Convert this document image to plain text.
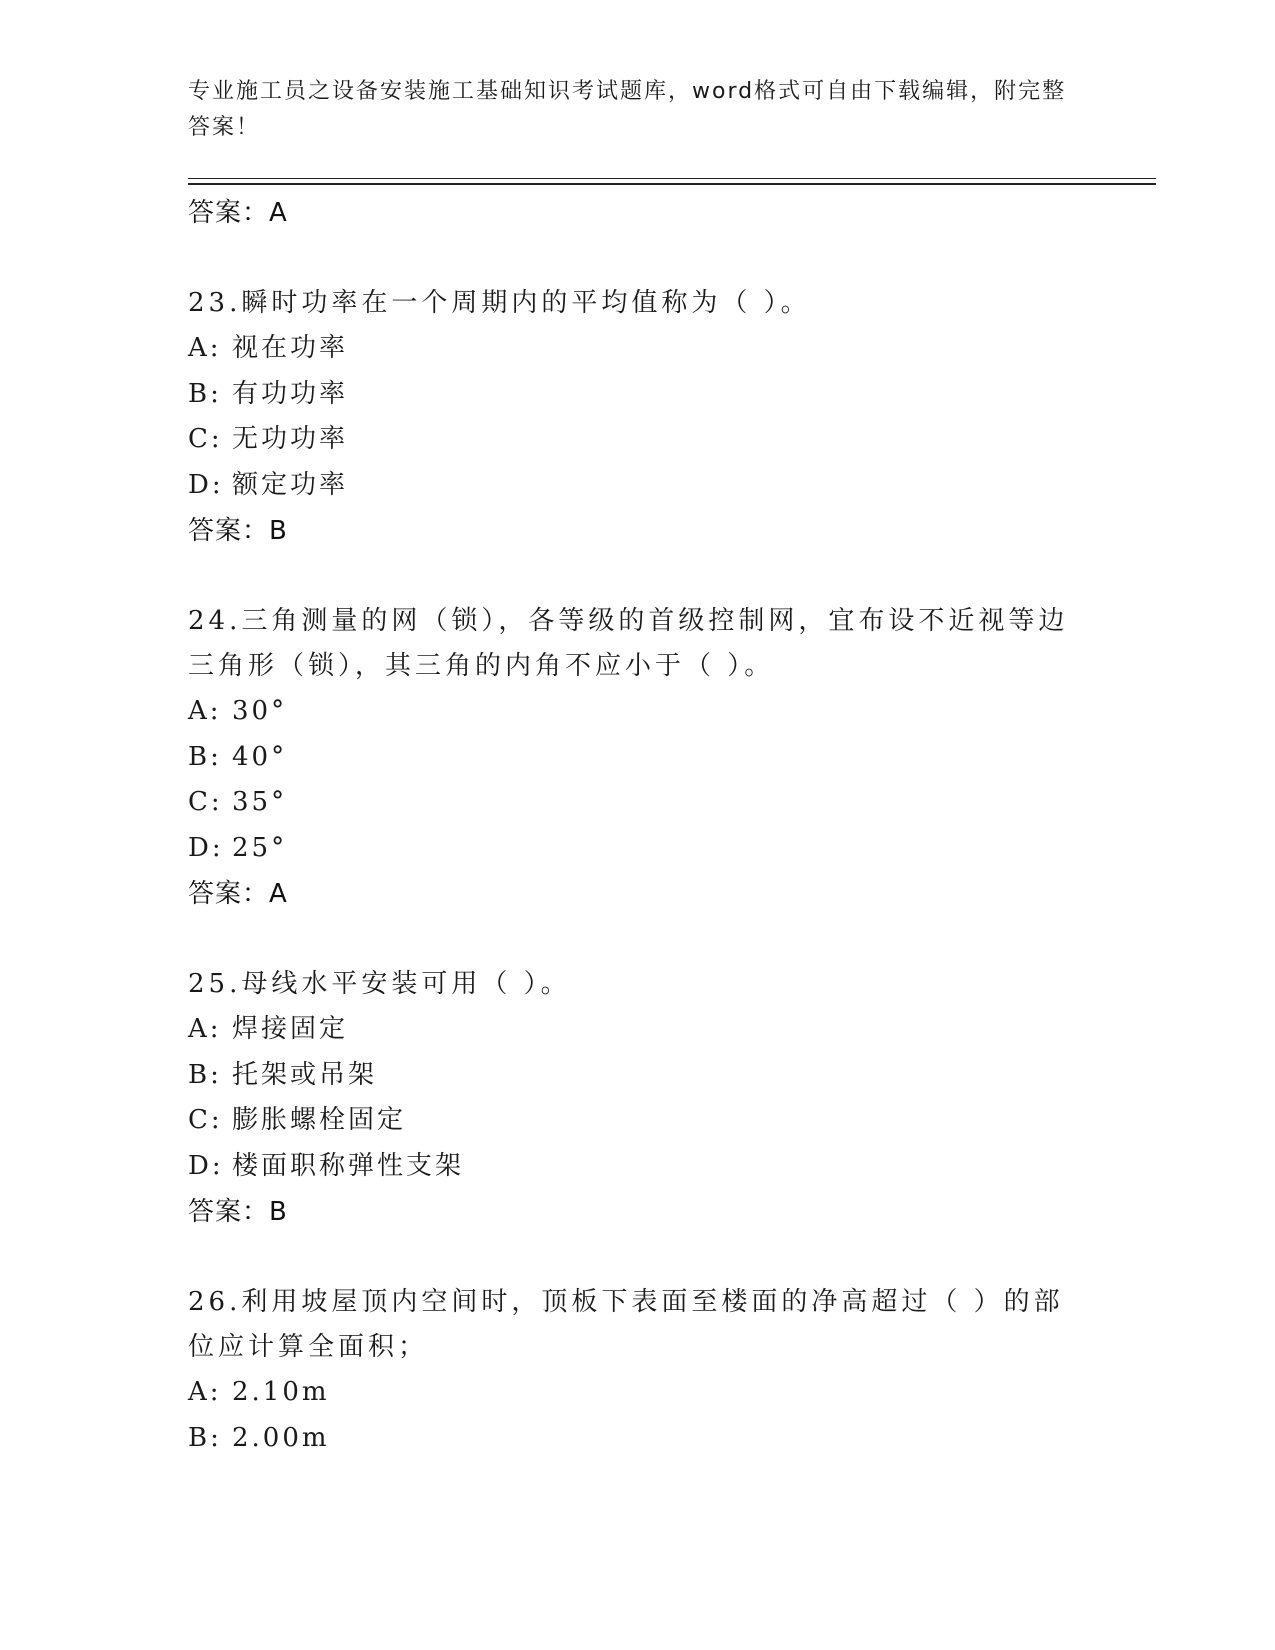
专业施工员之设备安装施工基础知识考试题库，word格式可自由下载编辑，附完整答案！
答案：A

23.瞬时功率在一个周期内的平均值称为（ ）。

A: 视在功率
B: 有功功率
C: 无功功率
D: 额定功率
答案：B

24.三角测量的网（锁），各等级的首级控制网，宜布设不近视等边三角形（锁），其三角的内角不应小于（ ）。

A: 30°
B: 40°
C: 35°
D: 25°
答案：A

25.母线水平安装可用（ ）。

A: 焊接固定
B: 托架或吊架
C: 膨胀螺栓固定
D: 楼面职称弹性支架
答案：B

26.利用坡屋顶内空间时，顶板下表面至楼面的净高超过（ ）的部位应计算全面积；

A: 2.10m
B: 2.00m
